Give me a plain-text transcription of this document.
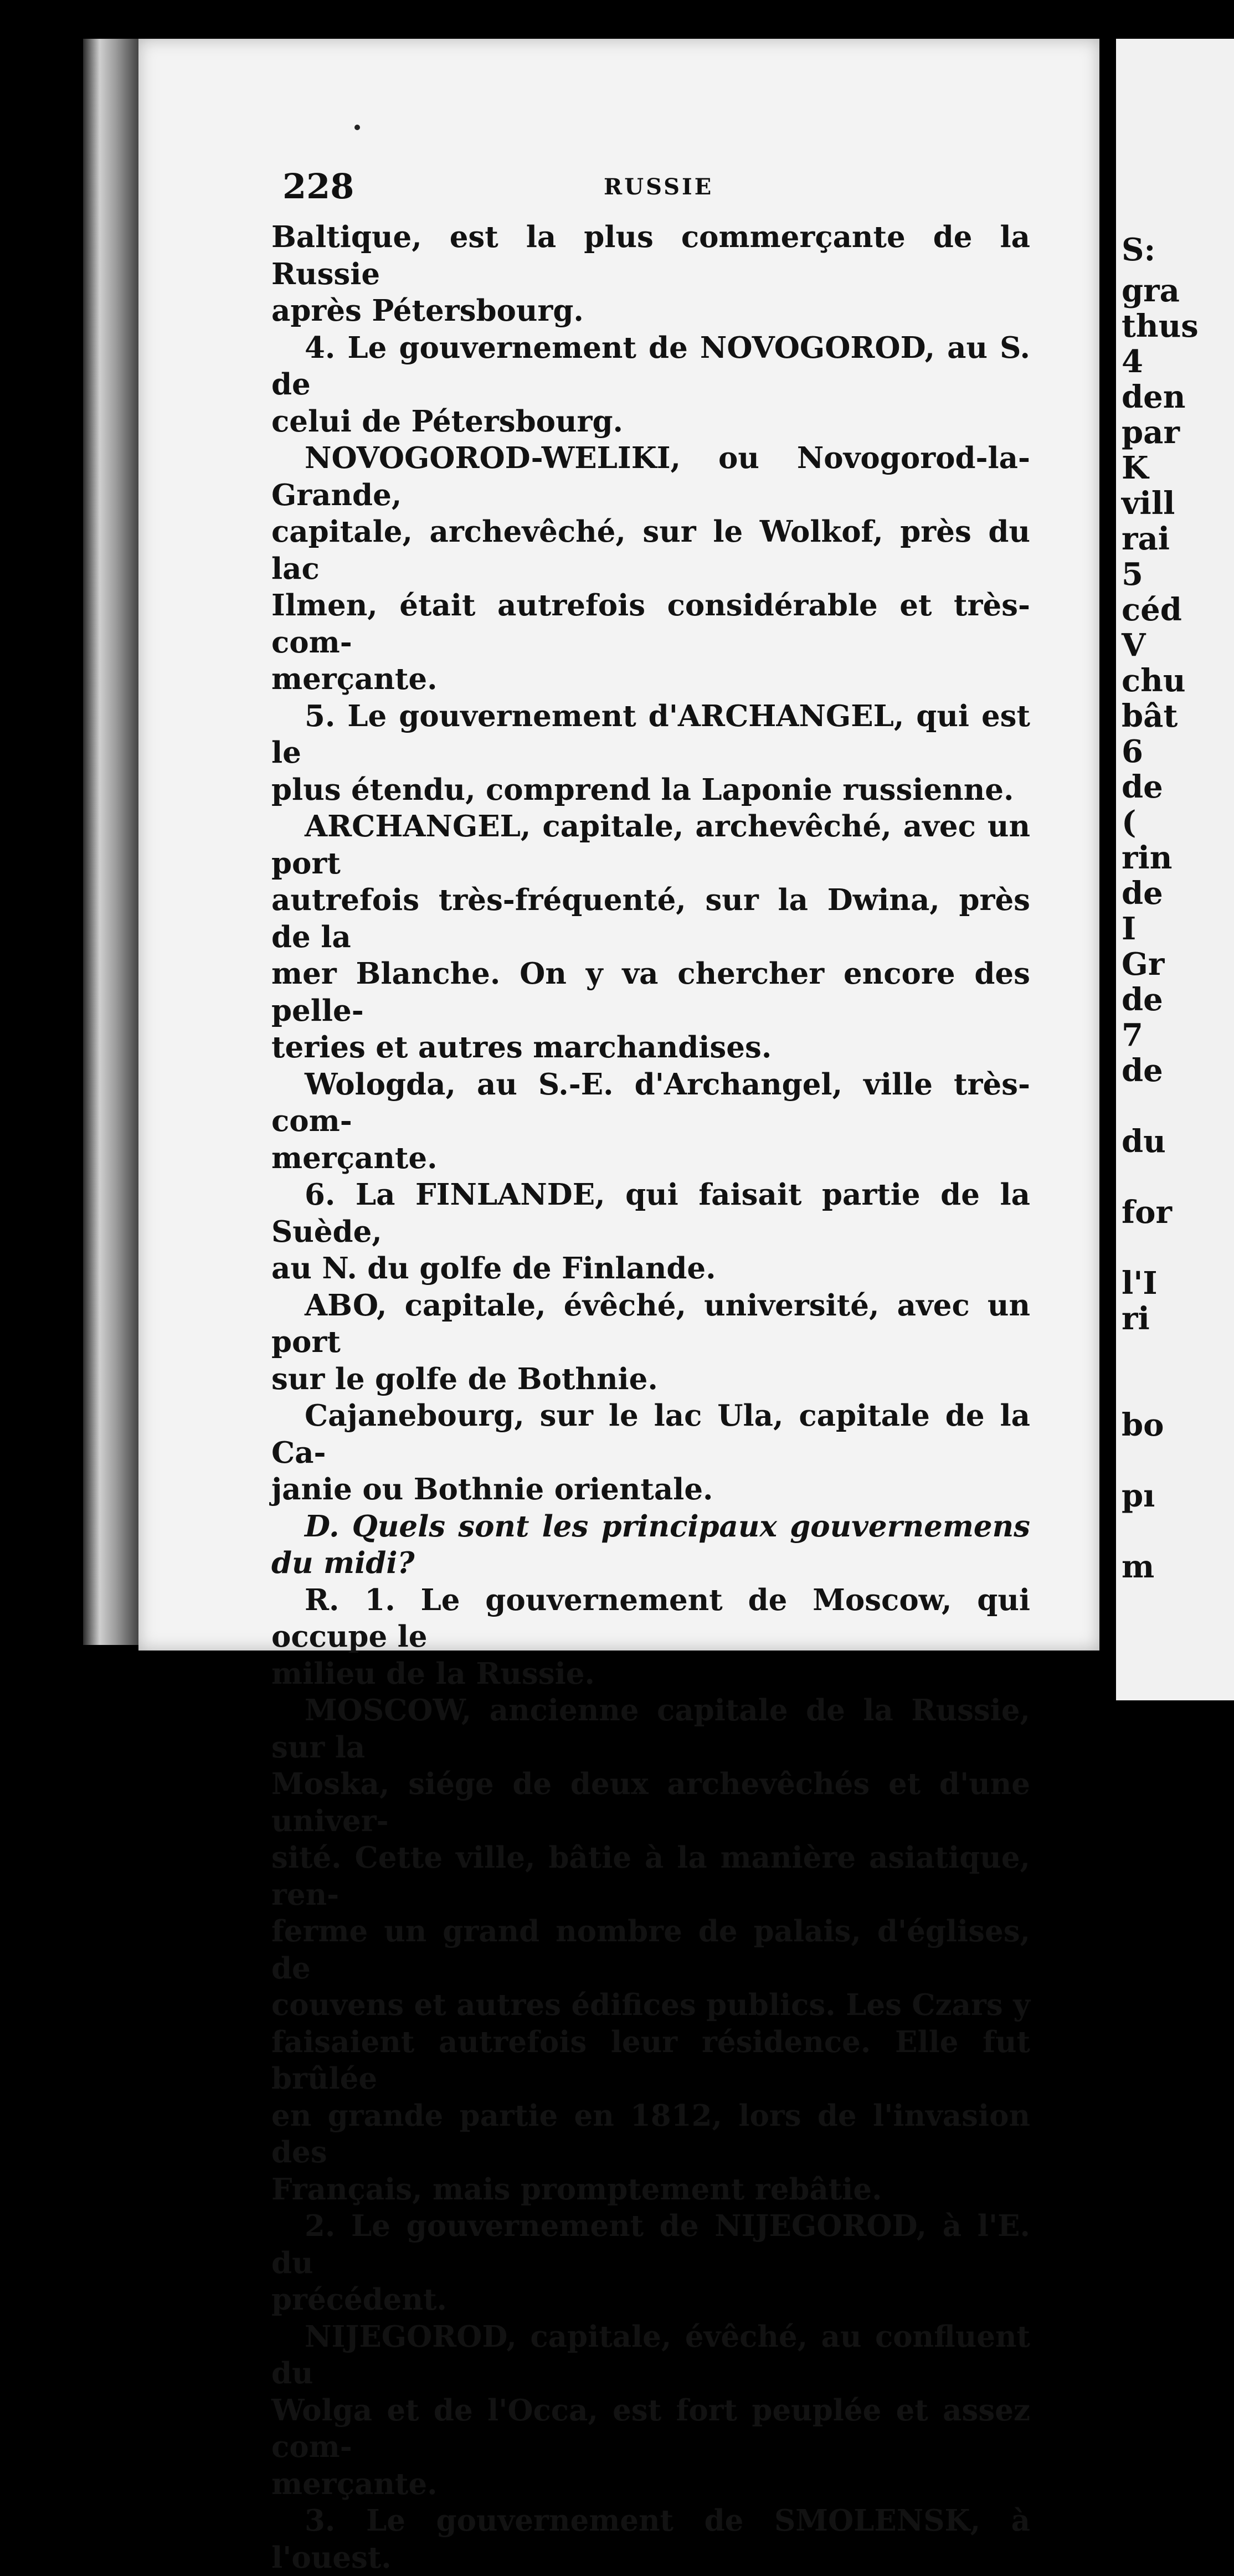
S:
gra
thus
4
den
par
K
vill
rai
5
céd
V
chu
bât
6
de
(
rin
de
I
Gr
de
7
de
du
for
l'I
ri
bo
pı
m
228	RUSSIE

Baltique, est la plus commerçante de la Russie

après Pétersbourg.

4. Le gouvernement de NOVOGOROD, au S. de

celui de Pétersbourg.

NOVOGOROD-WELIKI, ou Novogorod-la-Grande,

capitale, archevêché, sur le Wolkof, près du lac

Ilmen, était autrefois considérable et très-com-

merçante.

5. Le gouvernement d'ARCHANGEL, qui est le

plus étendu, comprend la Laponie russienne.

ARCHANGEL, capitale, archevêché, avec un port

autrefois très-fréquenté, sur la Dwina, près de la

mer Blanche. On y va chercher encore des pelle-

teries et autres marchandises.

Wologda, au S.-E. d'Archangel, ville très-com-

merçante.

6. La FINLANDE, qui faisait partie de la Suède,

au N. du golfe de Finlande.

ABO, capitale, évêché, université, avec un port

sur le golfe de Bothnie.

Cajanebourg, sur le lac Ula, capitale de la Ca-

janie ou Bothnie orientale.

D. Quels sont les principaux gouvernemens du midi?

R. 1. Le gouvernement de Moscow, qui occupe le

milieu de la Russie.

MOSCOW, ancienne capitale de la Russie, sur la

Moska, siége de deux archevêchés et d'une univer-

sité. Cette ville, bâtie à la manière asiatique, ren-

ferme un grand nombre de palais, d'églises, de

couvens et autres édifices publics. Les Czars y

faisaient autrefois leur résidence. Elle fut brûlée

en grande partie en 1812, lors de l'invasion des

Français, mais promptement rebâtie.

2. Le gouvernement de NIJEGOROD, à l'E. du

précédent.

NIJEGOROD, capitale, évêché, au confluent du

Wolga et de l'Occa, est fort peuplée et assez com-

merçante.

3. Le gouvernement de SMOLENSK, à l'ouest.
